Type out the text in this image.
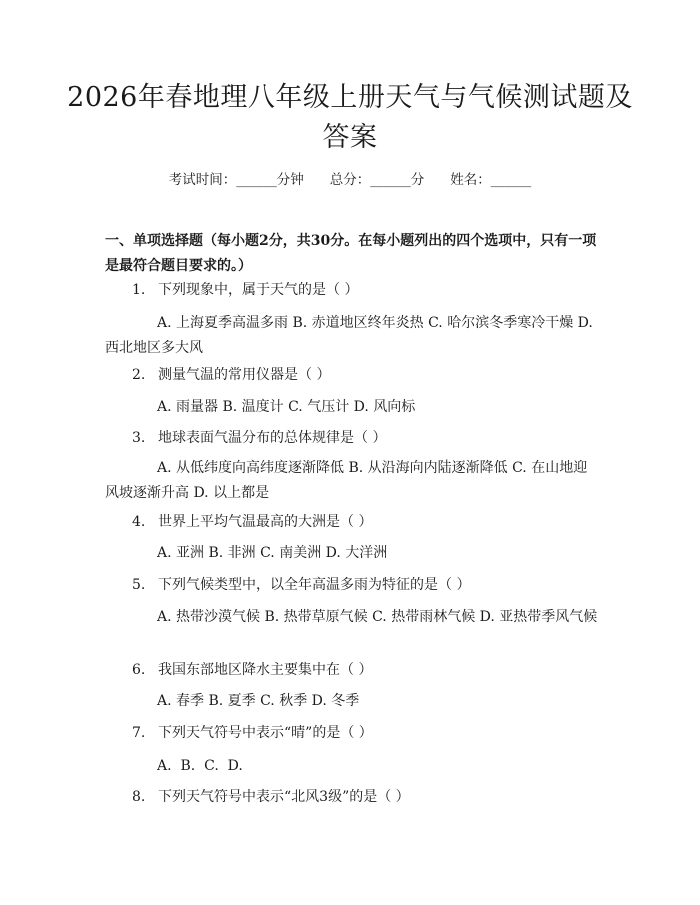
2026年春地理八年级上册天气与气候测试题及答案
考试时间：______分钟 总分：______分 姓名：______
一、单项选择题（每小题2分，共30分。在每小题列出的四个选项中，只有一项是最符合题目要求的。）
1. 下列现象中，属于天气的是（ ）
A. 上海夏季高温多雨 B. 赤道地区终年炎热 C. 哈尔滨冬季寒冷干燥 D. 西北地区多大风
2. 测量气温的常用仪器是（ ）
A. 雨量器 B. 温度计 C. 气压计 D. 风向标
3. 地球表面气温分布的总体规律是（ ）
A. 从低纬度向高纬度逐渐降低 B. 从沿海向内陆逐渐降低 C. 在山地迎风坡逐渐升高 D. 以上都是
4. 世界上平均气温最高的大洲是（ ）
A. 亚洲 B. 非洲 C. 南美洲 D. 大洋洲
5. 下列气候类型中，以全年高温多雨为特征的是（ ）
A. 热带沙漠气候 B. 热带草原气候 C. 热带雨林气候 D. 亚热带季风气候
6. 我国东部地区降水主要集中在（ ）
A. 春季 B. 夏季 C. 秋季 D. 冬季
7. 下列天气符号中表示“晴”的是（ ）
A.  B.  C.  D.
8. 下列天气符号中表示“北风3级”的是（ ）
